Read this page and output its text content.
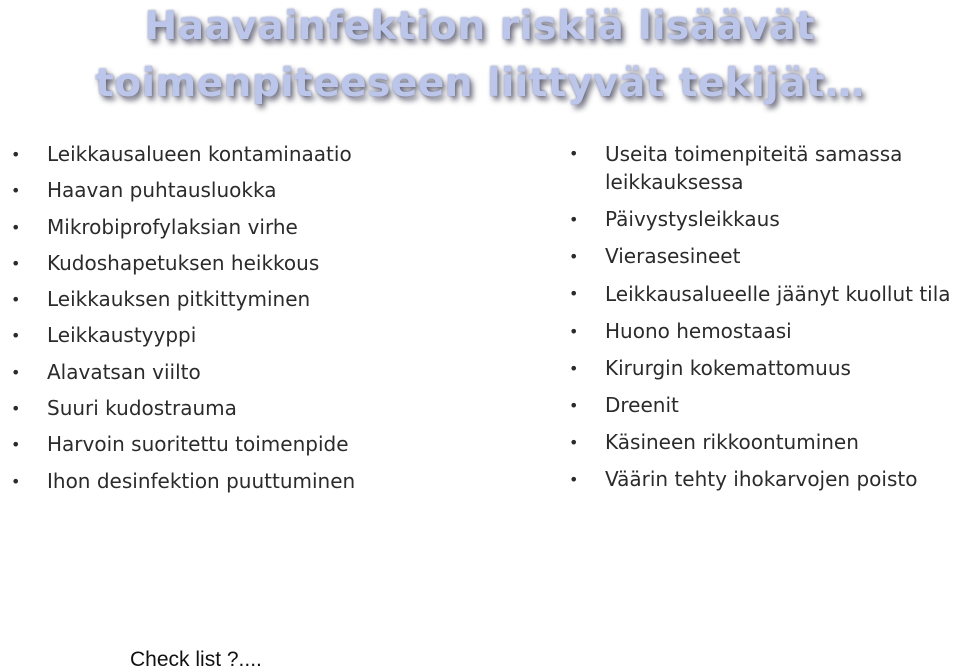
Haavainfektion riskiä lisäävät
toimenpiteeseen liittyvät tekijät…
• Leikkausalueen kontaminaatio
• Haavan puhtausluokka
• Mikrobiprofylaksian virhe
• Kudoshapetuksen heikkous
• Leikkauksen pitkittyminen
• Leikkaustyyppi
• Alavatsan viilto
• Suuri kudostrauma
• Harvoin suoritettu toimenpide
• Ihon desinfektion puuttuminen
• Useita toimenpiteitä samassa leikkauksessa
• Päivystysleikkaus
• Vierasesineet
• Leikkausalueelle jäänyt kuollut tila
• Huono hemostaasi
• Kirurgin kokemattomuus
• Dreenit
• Käsineen rikkoontuminen
• Väärin tehty ihokarvojen poisto
Check list ?....
